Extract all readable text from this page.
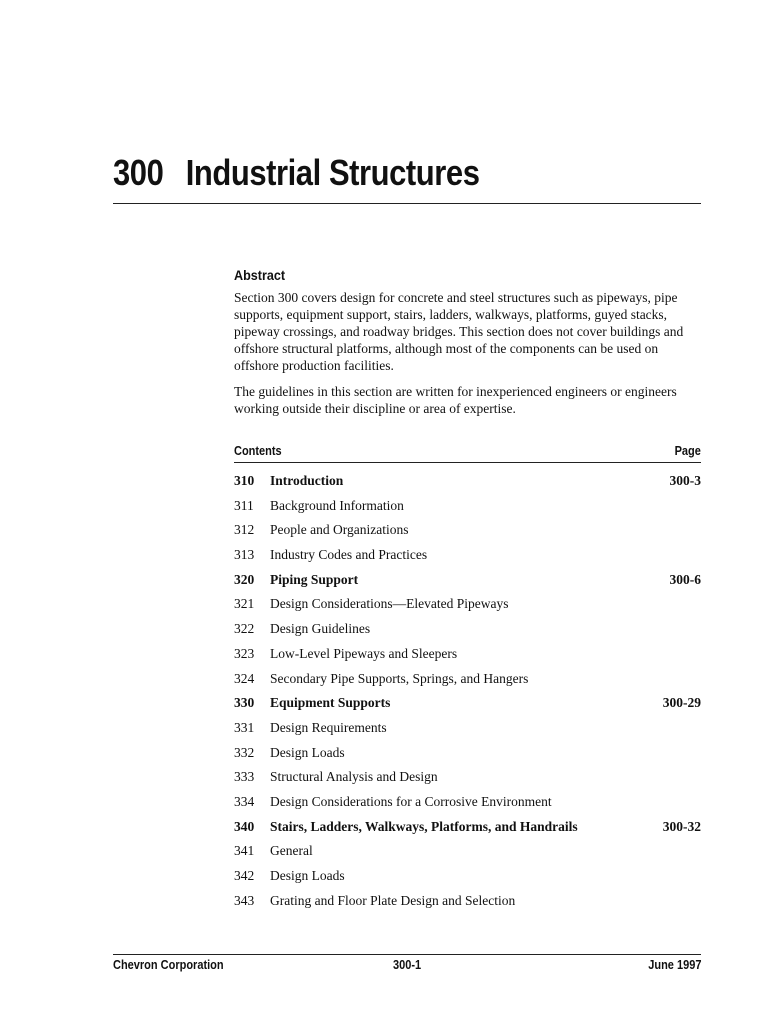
300 Industrial Structures
Abstract

Section 300 covers design for concrete and steel structures such as pipeways, pipe supports, equipment support, stairs, ladders, walkways, platforms, guyed stacks, pipeway crossings, and roadway bridges. This section does not cover buildings and offshore structural platforms, although most of the components can be used on offshore production facilities.

The guidelines in this section are written for inexperienced engineers or engineers working outside their discipline or area of expertise.

Contents	Page
310 Introduction	300-3
311 Background Information
312 People and Organizations
313 Industry Codes and Practices
320 Piping Support	300-6
321 Design Considerations—Elevated Pipeways
322 Design Guidelines
323 Low-Level Pipeways and Sleepers
324 Secondary Pipe Supports, Springs, and Hangers
330 Equipment Supports	300-29
331 Design Requirements
332 Design Loads
333 Structural Analysis and Design
334 Design Considerations for a Corrosive Environment
340 Stairs, Ladders, Walkways, Platforms, and Handrails	300-32
341 General
342 Design Loads
343 Grating and Floor Plate Design and Selection
Chevron Corporation	300-1	June 1997
